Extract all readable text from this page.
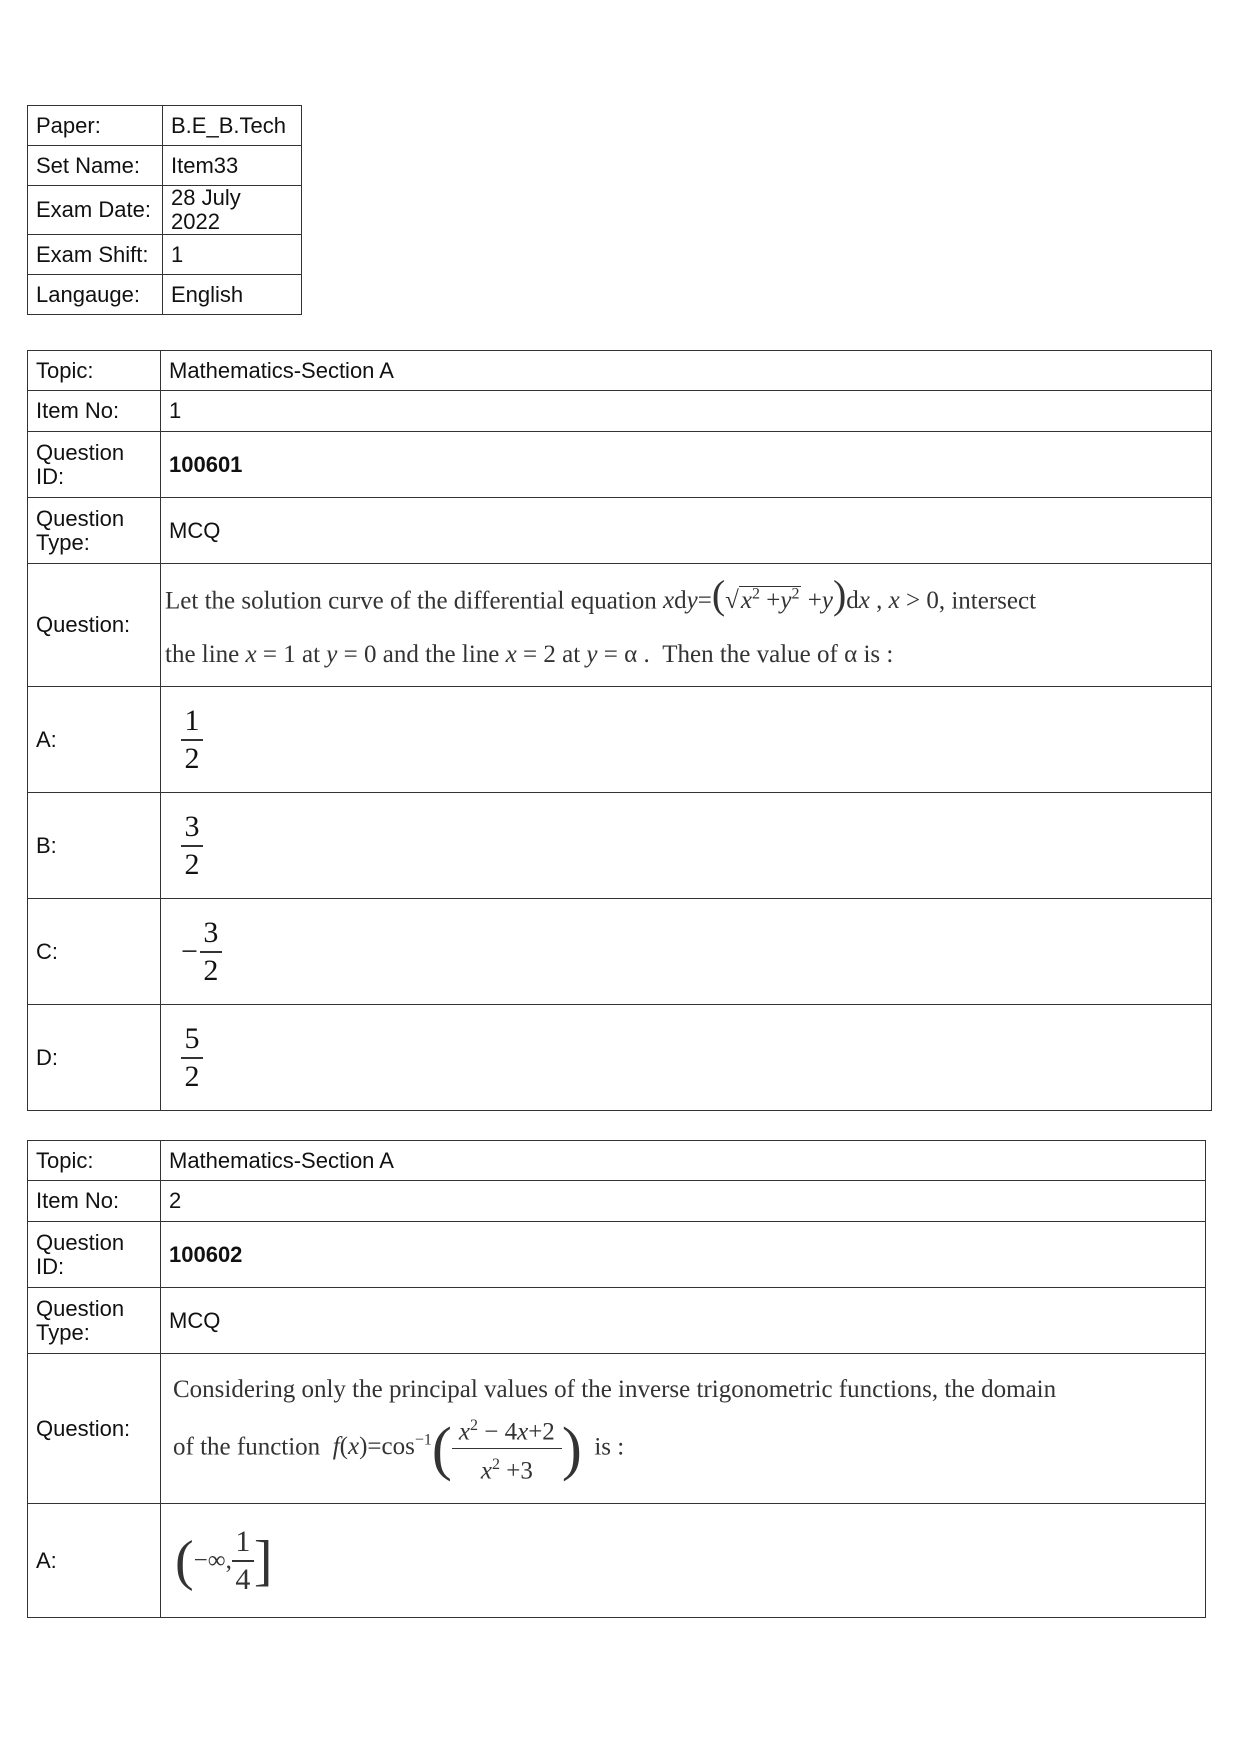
Paper:	B.E_B.Tech
Set Name:	Item33
Exam Date:	28 July 2022
Exam Shift:	1
Langauge:	English
Topic:	Mathematics-Section A
Item No:	1
Question ID:	100601
Question Type:	MCQ
Question:	Let the solution curve of the differential equation $xdy=(√x^2 +y^2 +y)dx$ , x > 0, intersect
the line x = 1 at y = 0 and the line x = 2 at y = α .  Then the value of α is :
A:	$\frac{1}{2}$

B:	$\frac{3}{2}$

C:	− $\frac{3}{2}$

D:	$\frac{5}{2}$
Topic:	Mathematics-Section A
Item No:	2
Question ID:	100602
Question Type:	MCQ
Question:	Considering only the principal values of the inverse trigonometric functions, the domain
of the function $f(x)=\cos^{-1}( \frac{x^2 - 4x+2}{x^2 +3}$ ) is :
A:	(−∞, $\frac{1}{4}$ ]
